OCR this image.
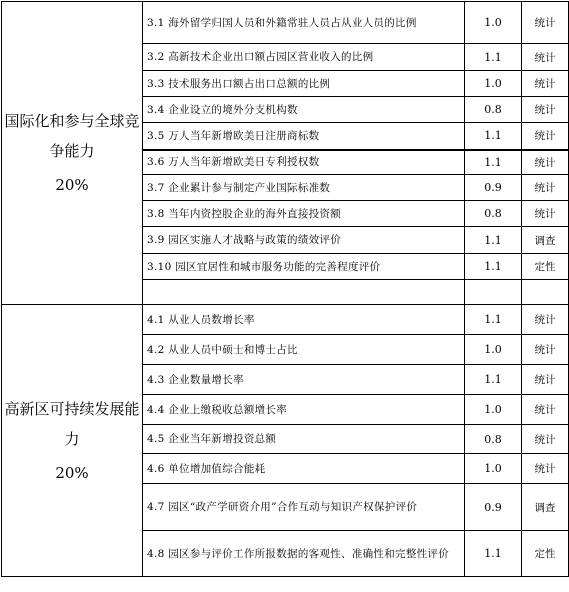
国际化和参与全球竞争能力
20%	3.1 海外留学归国人员和外籍常驻人员占从业人员的比例	1.0	统计
	3.2 高新技术企业出口额占园区营业收入的比例	1.1	统计
	3.3 技术服务出口额占出口总额的比例	1.0	统计
	3.4 企业设立的境外分支机构数	0.8	统计
	3.5 万人当年新增欧美日注册商标数	1.1	统计
	3.6 万人当年新增欧美日专利授权数	1.1	统计
	3.7 企业累计参与制定产业国际标准数	0.9	统计
	3.8 当年内资控股企业的海外直接投资额	0.8	统计
	3.9 园区实施人才战略与政策的绩效评价	1.1	调查
	3.10 园区宜居性和城市服务功能的完善程度评价	1.1	定性

高新区可持续发展能力
20%	4.1 从业人员数增长率	1.1	统计
	4.2 从业人员中硕士和博士占比	1.0	统计
	4.3 企业数量增长率	1.1	统计
	4.4 企业上缴税收总额增长率	1.0	统计
	4.5 企业当年新增投资总额	0.8	统计
	4.6 单位增加值综合能耗	1.0	统计
	4.7 园区“政产学研资介用”合作互动与知识产权保护评价	0.9	调查
	4.8 园区参与评价工作所报数据的客观性、准确性和完整性评价	1.1	定性
